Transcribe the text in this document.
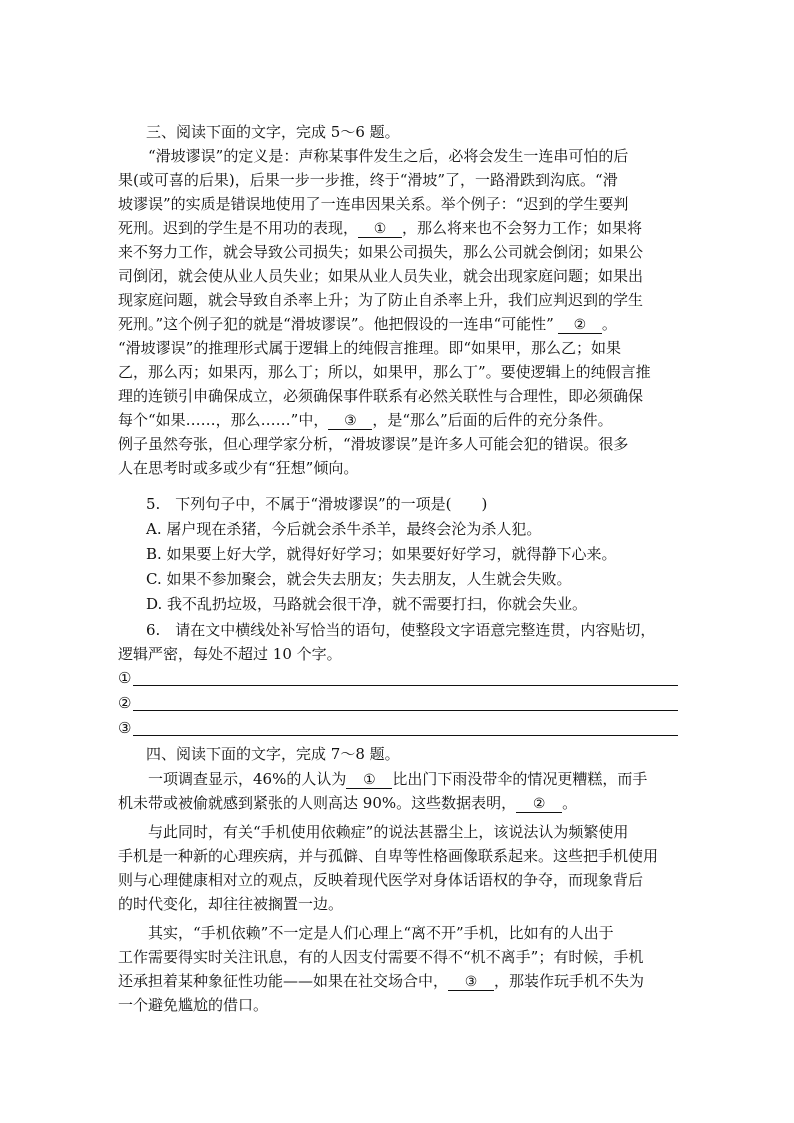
三、阅读下面的文字，完成 5～6 题。
“滑坡谬误”的定义是：声称某事件发生之后，必将会发生一连串可怕的后
果(或可喜的后果)，后果一步一步推，终于“滑坡”了，一路滑跌到沟底。“滑
坡谬误”的实质是错误地使用了一连串因果关系。举个例子：“迟到的学生要判
死刑。迟到的学生是不用功的表现， ① ，那么将来也不会努力工作；如果将
来不努力工作，就会导致公司损失；如果公司损失，那么公司就会倒闭；如果公
司倒闭，就会使从业人员失业；如果从业人员失业，就会出现家庭问题；如果出
现家庭问题，就会导致自杀率上升；为了防止自杀率上升，我们应判迟到的学生
死刑。”这个例子犯的就是“滑坡谬误”。他把假设的一连串“可能性” ② 。
“滑坡谬误”的推理形式属于逻辑上的纯假言推理。即“如果甲，那么乙；如果
乙，那么丙；如果丙，那么丁；所以，如果甲，那么丁”。要使逻辑上的纯假言推
理的连锁引申确保成立，必须确保事件联系有必然关联性与合理性，即必须确保
每个“如果……，那么……”中， ③ ，是“那么”后面的后件的充分条件。
例子虽然夸张，但心理学家分析，“滑坡谬误”是许多人可能会犯的错误。很多
人在思考时或多或少有“狂想”倾向。
5.　下列句子中，不属于“滑坡谬误”的一项是(　　)
A. 屠户现在杀猪，今后就会杀牛杀羊，最终会沦为杀人犯。
B. 如果要上好大学，就得好好学习；如果要好好学习，就得静下心来。
C. 如果不参加聚会，就会失去朋友；失去朋友，人生就会失败。
D. 我不乱扔垃圾，马路就会很干净，就不需要打扫，你就会失业。
6.　请在文中横线处补写恰当的语句，使整段文字语意完整连贯，内容贴切，
逻辑严密，每处不超过 10 个字。
①
②
③
四、阅读下面的文字，完成 7～8 题。
一项调查显示，46%的人认为 ① 比出门下雨没带伞的情况更糟糕，而手
机未带或被偷就感到紧张的人则高达 90%。这些数据表明， ② 。
与此同时，有关“手机使用依赖症”的说法甚嚣尘上，该说法认为频繁使用
手机是一种新的心理疾病，并与孤僻、自卑等性格画像联系起来。这些把手机使用
则与心理健康相对立的观点，反映着现代医学对身体话语权的争夺，而现象背后
的时代变化，却往往被搁置一边。
其实，“手机依赖”不一定是人们心理上“离不开”手机，比如有的人出于
工作需要得实时关注讯息，有的人因支付需要不得不“机不离手”；有时候，手机
还承担着某种象征性功能——如果在社交场合中， ③ ，那装作玩手机不失为
一个避免尴尬的借口。
